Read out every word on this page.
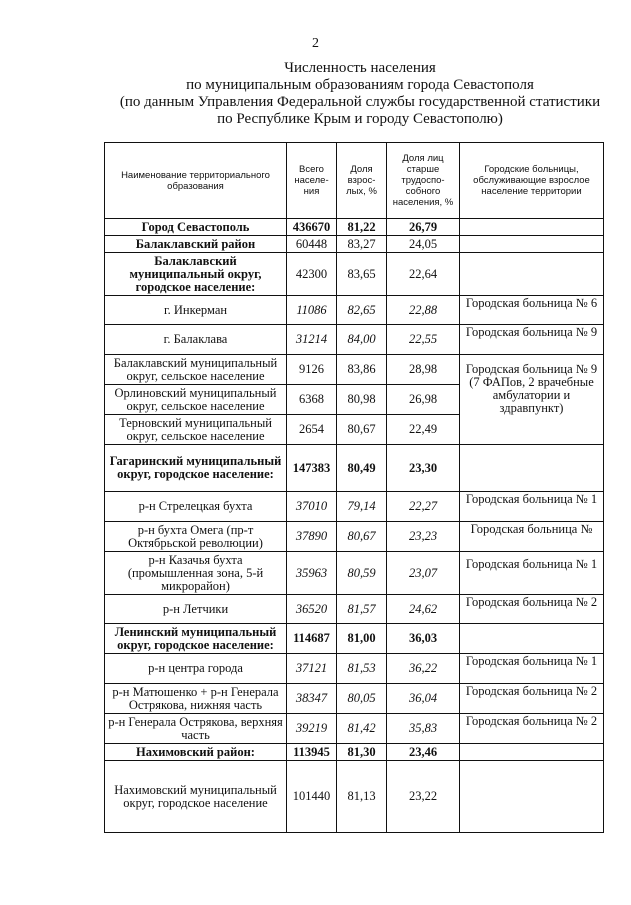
2
Численность населения
по муниципальным образованиям города Севастополя
(по данным Управления Федеральной службы государственной статистики
по Республике Крым и городу Севастополю)
Наименование территориального образования	Всего населе-ния	Доля взрос-лых, %	Доля лиц старше трудоспо-собного населения, %	Городские больницы, обслуживающие взрослое население территории
Город Севастополь	436670	81,22	26,79	
Балаклавский район	60448	83,27	24,05	
Балаклавский муниципальный округ, городское население:	42300	83,65	22,64	
г. Инкерман	11086	82,65	22,88	Городская больница № 6
г. Балаклава	31214	84,00	22,55	Городская больница № 9
Балаклавский муниципальный округ, сельское население	9126	83,86	28,98	Городская больница № 9 (7 ФАПов, 2 врачебные амбулатории и здравпункт)
Орлиновский муниципальный округ, сельское население	6368	80,98	26,98	
Терновский муниципальный округ, сельское население	2654	80,67	22,49	
Гагаринский муниципальный округ, городское население:	147383	80,49	23,30	
р-н Стрелецкая бухта	37010	79,14	22,27	Городская больница № 1
р-н бухта Омега (пр-т Октябрьской революции)	37890	80,67	23,23	Городская больница №
р-н Казачья бухта (промышленная зона, 5-й микрорайон)	35963	80,59	23,07	Городская больница № 1
р-н Летчики	36520	81,57	24,62	Городская больница № 2
Ленинский муниципальный округ, городское население:	114687	81,00	36,03	
р-н центра города	37121	81,53	36,22	Городская больница № 1
р-н Матюшенко + р-н Генерала Острякова, нижняя часть	38347	80,05	36,04	Городская больница № 2
р-н Генерала Острякова, верхняя часть	39219	81,42	35,83	Городская больница № 2
Нахимовский район:	113945	81,30	23,46	
Нахимовский муниципальный округ, городское население	101440	81,13	23,22	
